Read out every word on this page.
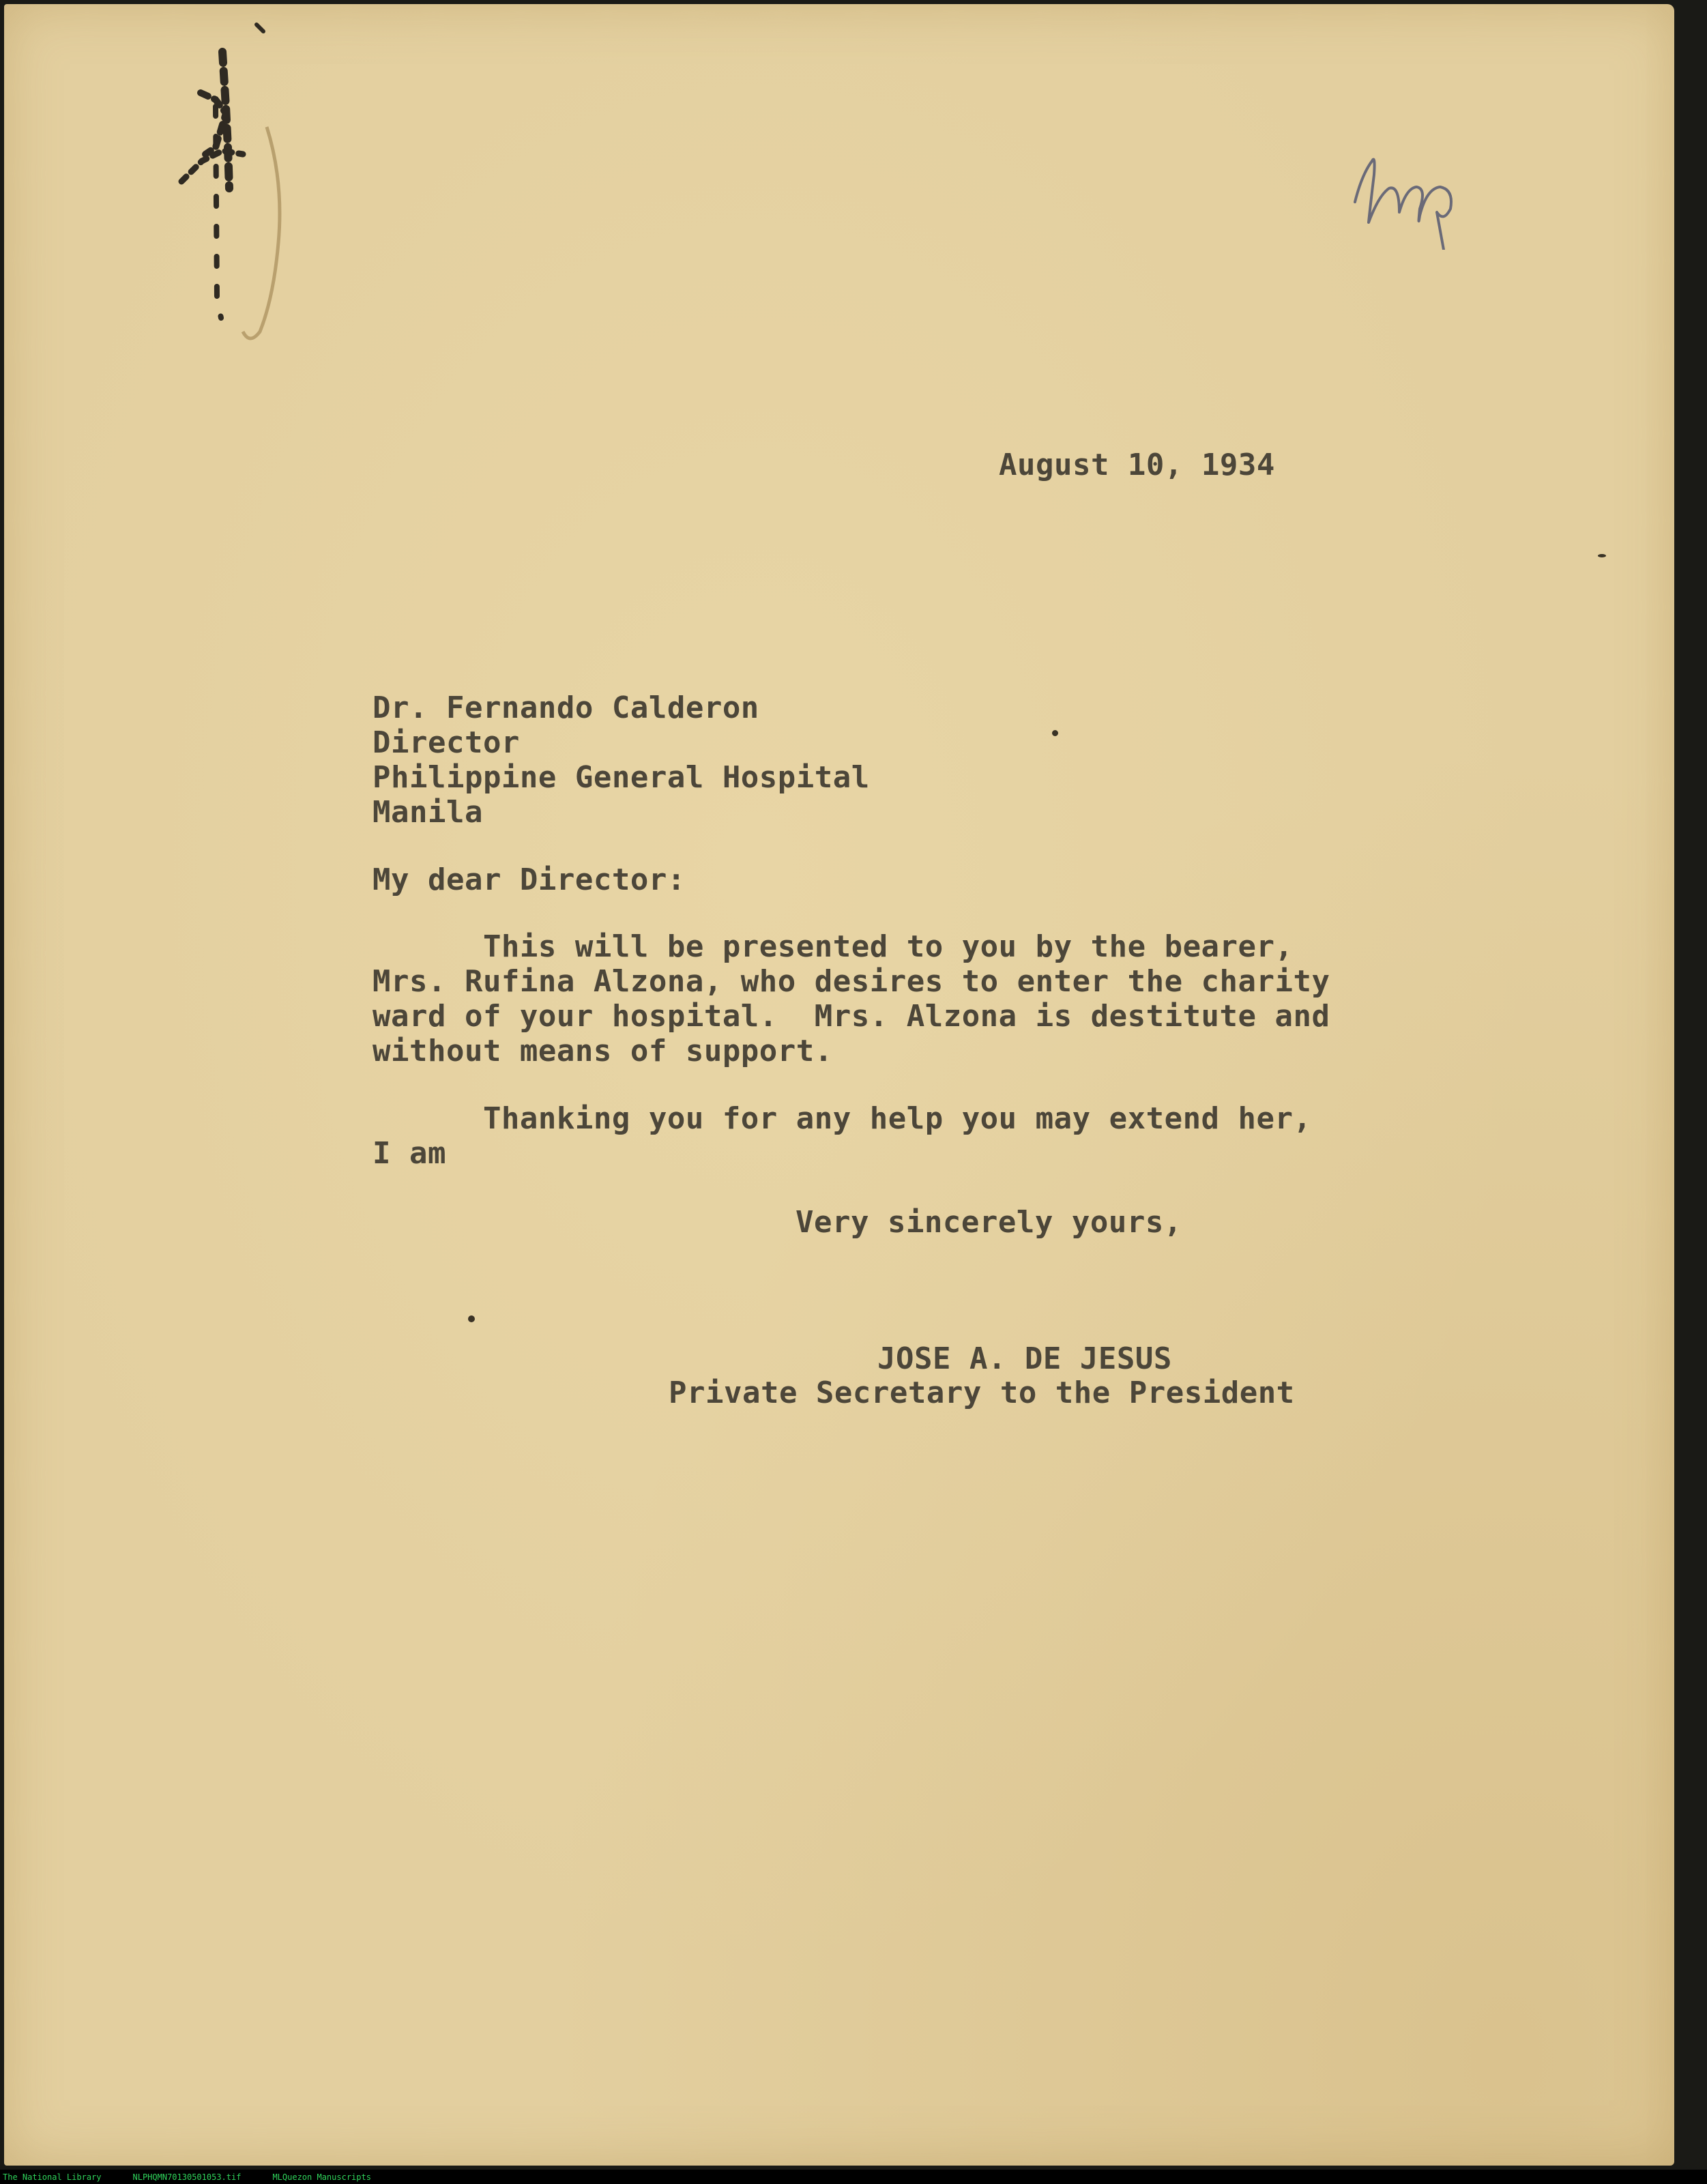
August 10, 1934

Dr. Fernando Calderon
Director
Philippine General Hospital
Manila

My dear Director:

This will be presented to you by the bearer,
Mrs. Rufina Alzona, who desires to enter the charity
ward of your hospital.  Mrs. Alzona is destitute and
without means of support.
Thanking you for any help you may extend her,
I am

Very sincerely yours,

JOSE A. DE JESUS

Private Secretary to the President

The National Library	NLPHQMN70130501053.tif	MLQuezon Manuscripts
